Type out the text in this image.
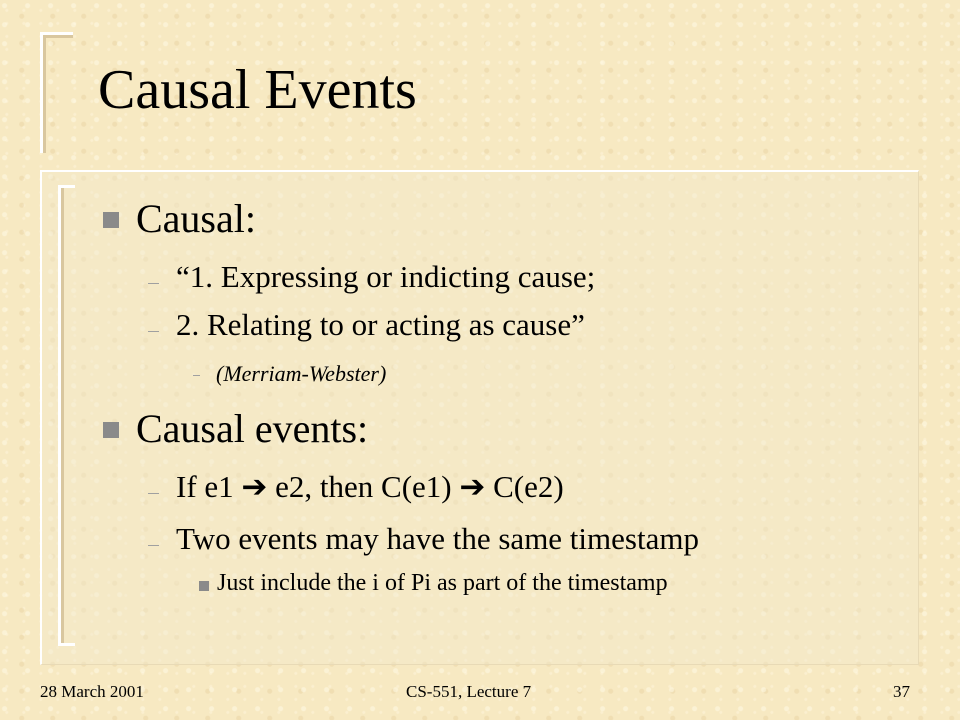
Causal Events
Causal:
“1. Expressing or indicting cause;
2. Relating to or acting as cause”
(Merriam-Webster)
Causal events:
If e1 ➔ e2, then C(e1) ➔ C(e2)
Two events may have the same timestamp
Just include the i of Pi as part of the timestamp
28 March 2001	CS-551, Lecture 7	37
